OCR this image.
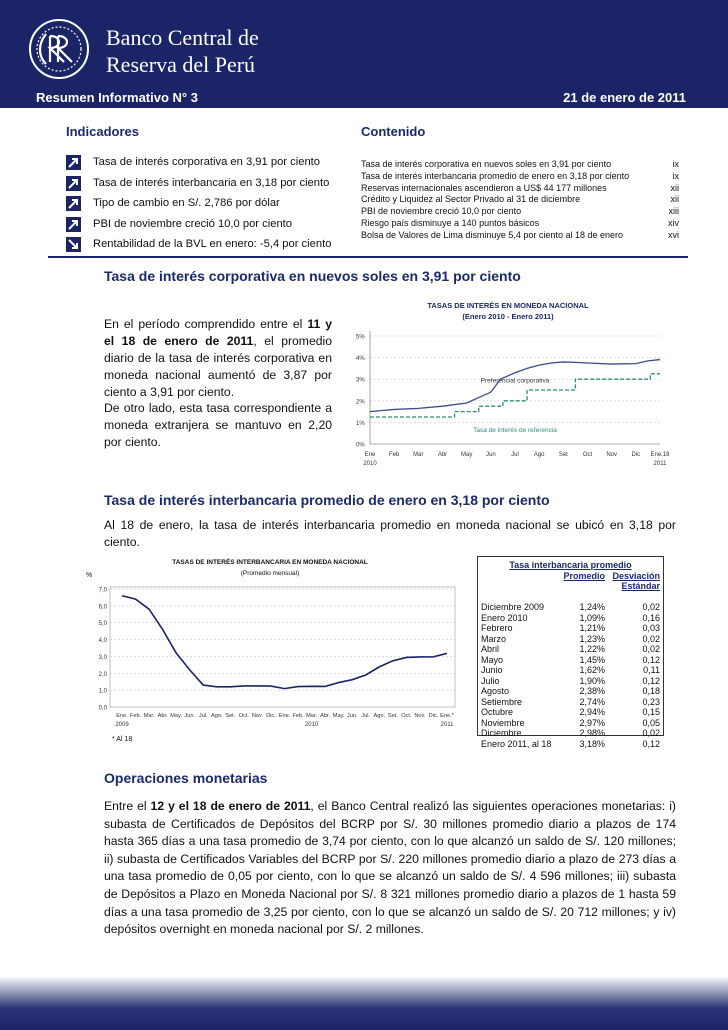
Banco Central de
Reserva del Perú
Resumen Informativo N° 3	21 de enero de 2011
Indicadores
Tasa de interés corporativa en 3,91 por ciento
Tasa de interés interbancaria en 3,18 por ciento
Tipo de cambio en S/. 2,786 por dólar
PBI de noviembre creció 10,0 por ciento
Rentabilidad de la BVL en enero: -5,4 por ciento
Contenido
Tasa de interés corporativa en nuevos soles en 3,91 por ciento	ix
Tasa de interés interbancaria promedio de enero en 3,18 por ciento	ix
Reservas internacionales ascendieron a US$ 44 177 millones	xii
Crédito y Liquidez al Sector Privado al 31 de diciembre	xii
PBI de noviembre creció 10,0 por ciento	xiii
Riesgo país disminuye a 140 puntos básicos	xiv
Bolsa de Valores de Lima disminuye 5,4 por ciento al 18 de enero	xvi
Tasa de interés corporativa en nuevos soles en 3,91 por ciento
En el período comprendido entre el 11 y el 18 de enero de 2011, el promedio diario de la tasa de interés corporativa en moneda nacional aumentó de 3,87 por ciento a 3,91 por ciento.
De otro lado, esta tasa correspondiente a moneda extranjera se mantuvo en 2,20 por ciento.
TASAS DE INTERÉS EN MONEDA NACIONAL
(Enero 2010 - Enero 2011)
0%
1%
2%
3%
4%
5%
Ene Feb Mar Abr May Jun	Jul Ago Set Oct Nov Dic Ene.18
2010	2011
Preferencial corporativa
Tasa de interés de referencia
Tasa de interés interbancaria promedio de enero en 3,18 por ciento
Al 18 de enero, la tasa de interés interbancaria promedio en moneda nacional se ubicó en 3,18 por ciento.
TASAS DE INTERÉS INTERBANCARIA EN MONEDA NACIONAL
(Promedio mensual)
%
0,0
1,0
2,0
3,0
4,0
5,0
6,0
7,0
Ene. Feb. Mar. Abr. May. Jun. Jul. Ago. Set. Oct. Nov. Dic. Ene. Feb. Mar. Abr. May. Jun. Jul. Ago. Set. Oct. Nov. Dic. Ene.*
2009	2010	2011
* Al 18
Tasa interbancaria promedio		
	Promedio	Desviación
		Estándar

Diciembre 2009	1,24%	0,02
Enero 2010	1,09%	0,16
Febrero	1,21%	0,03
Marzo	1,23%	0,02
Abril	1,22%	0,02
Mayo	1,45%	0,12
Junio	1,62%	0,11
Julio	1,90%	0,12
Agosto	2,38%	0,18
Setiembre	2,74%	0,23
Octubre	2,94%	0,15
Noviembre	2,97%	0,05
Diciembre	2,98%	0,02
Enero 2011, al 18	3,18%	0,12
Operaciones monetarias
Entre el 12 y el 18 de enero de 2011, el Banco Central realizó las siguientes operaciones monetarias: i) subasta de Certificados de Depósitos del BCRP por S/. 30 millones promedio diario a plazos de 174 hasta 365 días a una tasa promedio de 3,74 por ciento, con lo que alcanzó un saldo de S/. 120 millones; ii) subasta de Certificados Variables del BCRP por S/. 220 millones promedio diario a plazo de 273 días a una tasa promedio de 0,05 por ciento, con lo que se alcanzó un saldo de S/. 4 596 millones; iii) subasta de Depósitos a Plazo en Moneda Nacional por S/. 8 321 millones promedio diario a plazos de 1 hasta 59 días a una tasa promedio de 3,25 por ciento, con lo que se alcanzó un saldo de S/. 20 712 millones; y iv) depósitos overnight en moneda nacional por S/. 2 millones.
